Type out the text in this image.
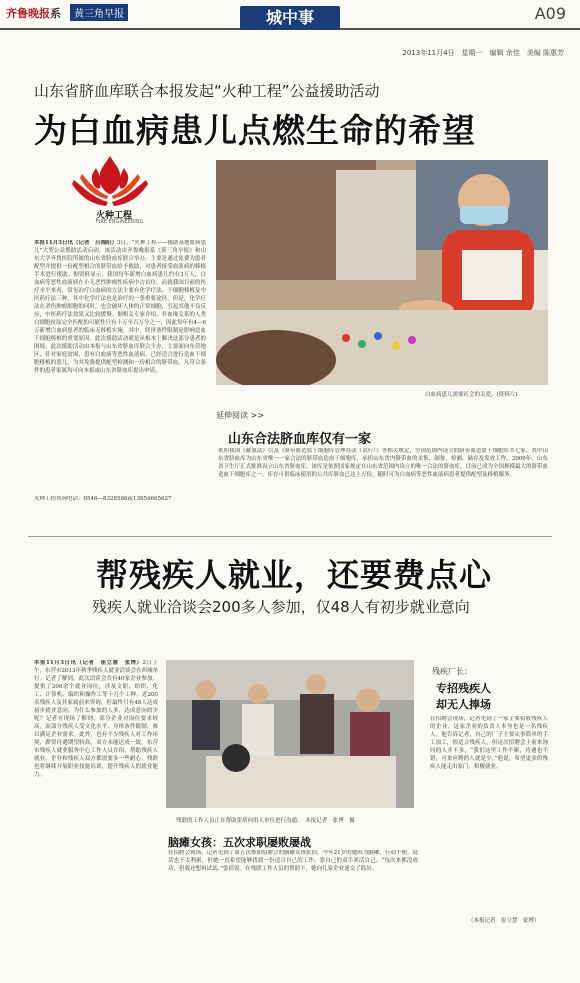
齐鲁晚报系	黄三角早报	城中事	A09
2013年11月4日　星期一　编辑 余佳　美编 陈惠芳
山东省脐血库联合本报发起“火种工程”公益援助活动
为白血病患儿点燃生命的希望
火种工程
FIRE ENGINEERING
本报11月3日讯（记者　吕湘阳）3日，“火种工程——援助基地血病患儿”大型公益援助活动启动，该活动由齐鲁晚报系《黄三角早报》和山东大学齐鲁医院所属的山东省脐血库联合举办，主要是通过免费为患者配型并提供一份配型相合的脐带血给予救助，对患者接受血液病的移植手术进行援助。据资料显示，我国每年新增白血病患儿约有3万人，白血病等恶性血液病在小儿恶性肿瘤性疾病中占首位，而就我国目前的医疗水平来看，常见治疗白血病的方法主要有化学疗法、干细胞移植及中医药疗法三种，其中化学疗法也是治疗的一条重要途径，但是，化学疗法在杀伤肿瘤细胞的同时，也会破坏人体的正常细胞，引起其他不良反应，中医药疗法效果又比较缓慢。据相关专家介绍，非血缘关系的人类白细胞抗原完全匹配的可能性只有十万至百万分之一，因此每年有4—6万新增白血病患者的临床无移植实施。其中，经济条件限制是影响造血干细胞移植的重要原因。此次援助活动就是从根本上解决这部分患者的困境。此次援助活动由本报与山东省脐血库联合主办，主要面向东营地区，针对家庭贫困、患有白血病等恶性血液病、已经适合进行造血干细胞移植的患儿，为其免费提供配型检测和一份相合的脐带血。凡符合条件的患者家属均可向本报或山东省脐血库提出申请。
火种工程咨询电话：0546—8328586或13854665627
白血病患儿需要社会的关爱。(资料片)
延伸阅读 >>
山东合法脐血库仅有一家
依照我国《献血法》以及《脐带血造血干细胞库管理办法（试行）》等相关规定，全国范围内设立的脐带血造血干细胞库共七家，其中山东省脐血库为山东省唯一一家合法的脐带血造血干细胞库，承担山东省内脐带血的采集、制备、检测、储存及发放工作。2009年，山东省卫生厅正式批准设立山东省脐血库，该库是依照国家规定在山东省范围内设立的唯一合法的脐血库，目前已成为全国规模最大的脐带血造血干细胞库之一，库存可供临床使用的公共库脐血已达上万份，随时可为白血病等恶性血液病患者提供配型及移植服务。
帮残疾人就业，还要费点心
残疾人就业洽谈会200多人参加，仅48人有初步就业意向
本报11月3日讯（记者　崔立慧　张博）2日上午，东营市2013年秋季残疾人就业洽谈会在西城举行。记者了解到，此次洽谈会共有40家企业参加，提供了200余个就业岗位，涉及文职、纺织、化工、计算机、编织和操作工等十几个工种，近200名残疾人及其家属前来咨询，但最终只有48人达成初步就业意向。为什么参加的人多，达成意向的少呢？记者在现场了解到，部分企业对岗位要求较高，而部分残疾人受文化水平、身体条件限制，难以满足企业需求。此外，也有不少残疾人对工作环境、薪资待遇期望较高，双方未能达成一致。东营市残疾人就业服务中心工作人员介绍，帮助残疾人就业，企业和残疾人双方都需要多一些耐心，残联也将继续开展职业技能培训，提升残疾人的就业能力。
残联的工作人员正在帮助张倩向用人单位进行沟通。　本报记者　张博　摄
脑瘫女孩：五次求职屡败屡战
在招聘会现场，记者见到了第五次参加招聘会的脑瘫女孩张倩，今年21岁的她因为脑瘫，行动不便，说话也不太利索，但她一直希望能够找到一份适合自己的工作，靠自己的双手养活自己。“每次来都没成功，但我还想再试试。”张倩说。在残联工作人员的帮助下，她向几家企业递交了简历。
残疾厂长：
专招残疾人
却无人捧场
在招聘会现场，记者见到了一家主要招收残疾人的企业，这家企业的负责人本身也是一名残疾人。他告诉记者，自己的厂子主要从事简单的手工加工，很适合残疾人，但这次招聘会上前来询问的人并不多。“我们这里工作不累，待遇也不错，可来应聘的人就是少。”他说，希望更多的残疾人能走出家门，积极就业。
（本报记者　崔立慧　张博）
